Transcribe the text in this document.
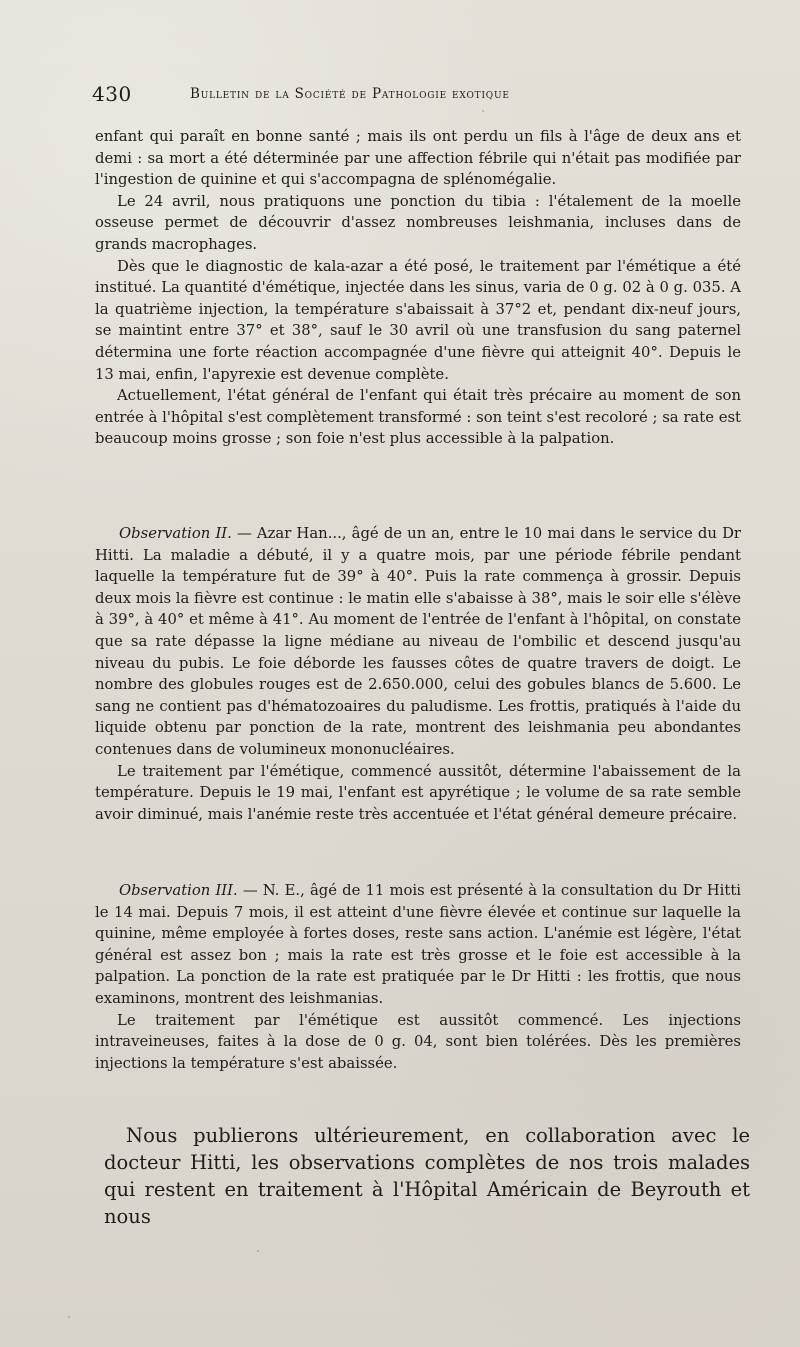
430	Bulletin de la Société de Pathologie exotique

enfant qui paraît en bonne santé ; mais ils ont perdu un fils à l'âge de deux ans et demi : sa mort a été déterminée par une affection fébrile qui n'était pas modifiée par l'ingestion de quinine et qui s'accompagna de splénomégalie.

Le 24 avril, nous pratiquons une ponction du tibia : l'étalement de la moelle osseuse permet de découvrir d'assez nombreuses leishmania, incluses dans de grands macrophages.

Dès que le diagnostic de kala-azar a été posé, le traitement par l'émétique a été institué. La quantité d'émétique, injectée dans les sinus, varia de 0 g. 02 à 0 g. 035. A la quatrième injection, la température s'abaissait à 37°2 et, pendant dix-neuf jours, se maintint entre 37° et 38°, sauf le 30 avril où une transfusion du sang paternel détermina une forte réaction accompagnée d'une fièvre qui atteignit 40°. Depuis le 13 mai, enfin, l'apyrexie est devenue complète.

Actuellement, l'état général de l'enfant qui était très précaire au moment de son entrée à l'hôpital s'est complètement transformé : son teint s'est recoloré ; sa rate est beaucoup moins grosse ; son foie n'est plus accessible à la palpation.

Observation II. — Azar Han..., âgé de un an, entre le 10 mai dans le service du Dr Hitti. La maladie a débuté, il y a quatre mois, par une période fébrile pendant laquelle la température fut de 39° à 40°. Puis la rate commença à grossir. Depuis deux mois la fièvre est continue : le matin elle s'abaisse à 38°, mais le soir elle s'élève à 39°, à 40° et même à 41°. Au moment de l'entrée de l'enfant à l'hôpital, on constate que sa rate dépasse la ligne médiane au niveau de l'ombilic et descend jusqu'au niveau du pubis. Le foie déborde les fausses côtes de quatre travers de doigt. Le nombre des globules rouges est de 2.650.000, celui des gobules blancs de 5.600. Le sang ne contient pas d'hématozoaires du paludisme. Les frottis, pratiqués à l'aide du liquide obtenu par ponction de la rate, montrent des leishmania peu abondantes contenues dans de volumineux mononucléaires.

Le traitement par l'émétique, commencé aussitôt, détermine l'abaissement de la température. Depuis le 19 mai, l'enfant est apyrétique ; le volume de sa rate semble avoir diminué, mais l'anémie reste très accentuée et l'état général demeure précaire.

Observation III. — N. E., âgé de 11 mois est présenté à la consultation du Dr Hitti le 14 mai. Depuis 7 mois, il est atteint d'une fièvre élevée et continue sur laquelle la quinine, même employée à fortes doses, reste sans action. L'anémie est légère, l'état général est assez bon ; mais la rate est très grosse et le foie est accessible à la palpation. La ponction de la rate est pratiquée par le Dr Hitti : les frottis, que nous examinons, montrent des leishmanias.

Le traitement par l'émétique est aussitôt commencé. Les injections intraveineuses, faites à la dose de 0 g. 04, sont bien tolérées. Dès les premières injections la température s'est abaissée.

Nous publierons ultérieurement, en collaboration avec le docteur Hitti, les observations complètes de nos trois malades qui restent en traitement à l'Hôpital Américain de Beyrouth et nous
